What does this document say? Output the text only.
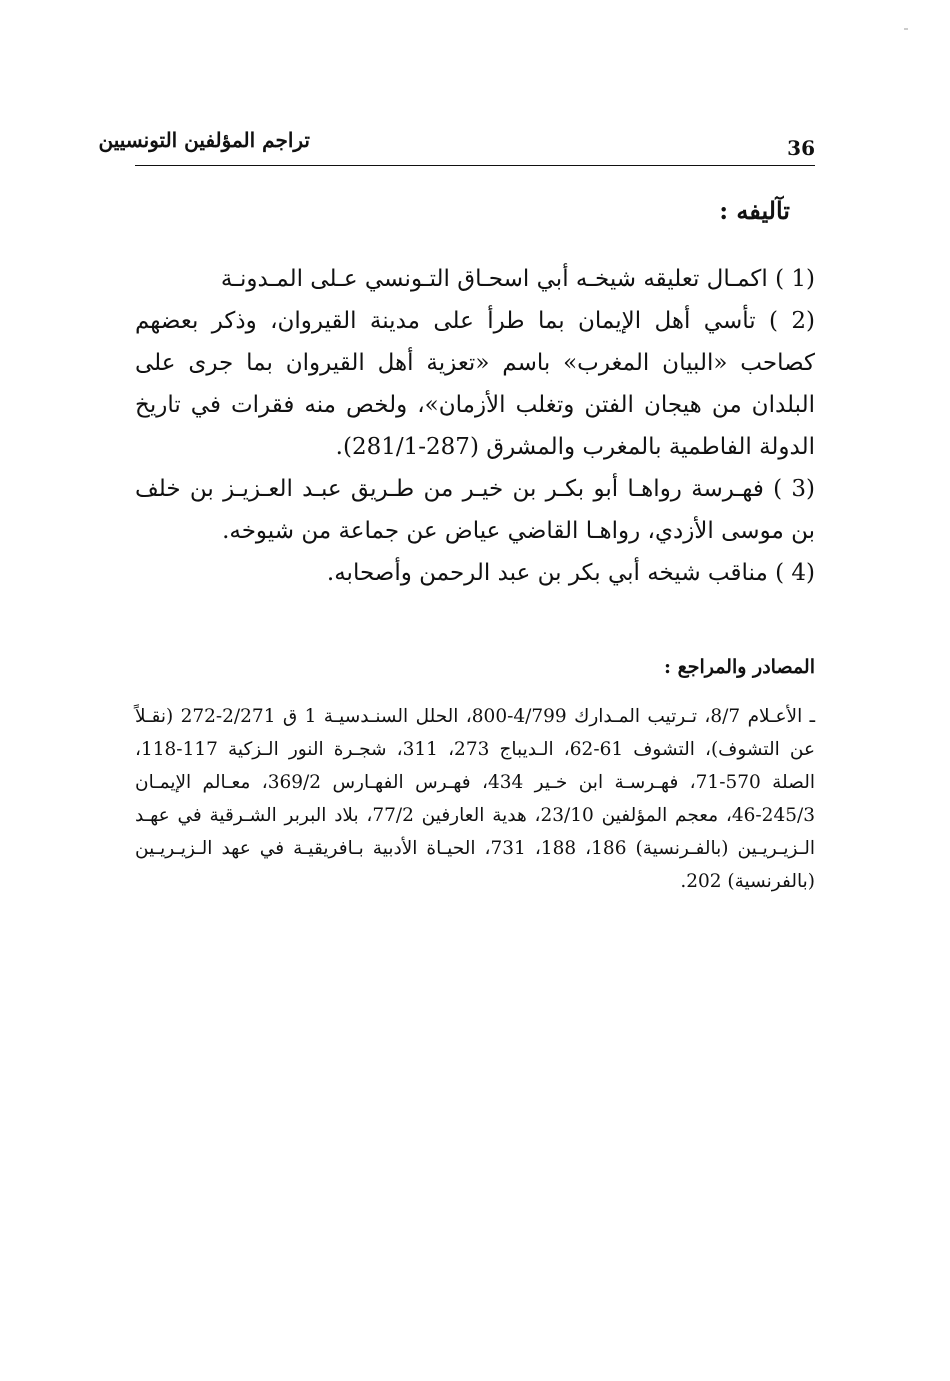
تراجم المؤلفين التونسيين	36
تآليفه :
(1 ) اكمـال تعليقه شيخـه أبي اسحـاق التـونسي عـلى المـدونـة
(2 ) تأسي أهل الإيمان بما طرأ على مدينة القيروان، وذكر بعضهم كصاحب «البيان المغرب» باسم «تعزية أهل القيروان بما جرى على البلدان من هيجان الفتن وتغلب الأزمان»، ولخص منه فقرات في تاريخ الدولة الفاطمية بالمغرب والمشرق (287-281/1).
(3 ) فهـرسة رواهـا أبو بكـر بن خيـر من طـريق عبـد العـزيـز بن خلف بن موسى الأزدي، رواهـا القاضي عياض عن جماعة من شيوخه.
(4 ) مناقب شيخه أبي بكر بن عبد الرحمن وأصحابه.
المصادر والمراجع :

ـ الأعـلام 8/7، تـرتيب المـدارك 4/799-800، الحلل السنـدسيـة 1 ق 2/271-272 (نقـلاً عن التشوف)، التشوف 61-62، الـديباج 273، 311، شجـرة النور الـزكية 117-118، الصلة 570-71، فهـرسـة ابن خـير 434، فهـرس الفهـارس 369/2، معـالم الإيمـان 245/3-46، معجم المؤلفين 23/10، هدية العارفين 77/2، بلاد البربر الشـرقية في عهـد الـزيـريـين (بالفـرنسية) 186، 188، 731، الحيـاة الأدبية بـافريقيـة في عهد الـزيـريـين (بالفرنسية) 202.
